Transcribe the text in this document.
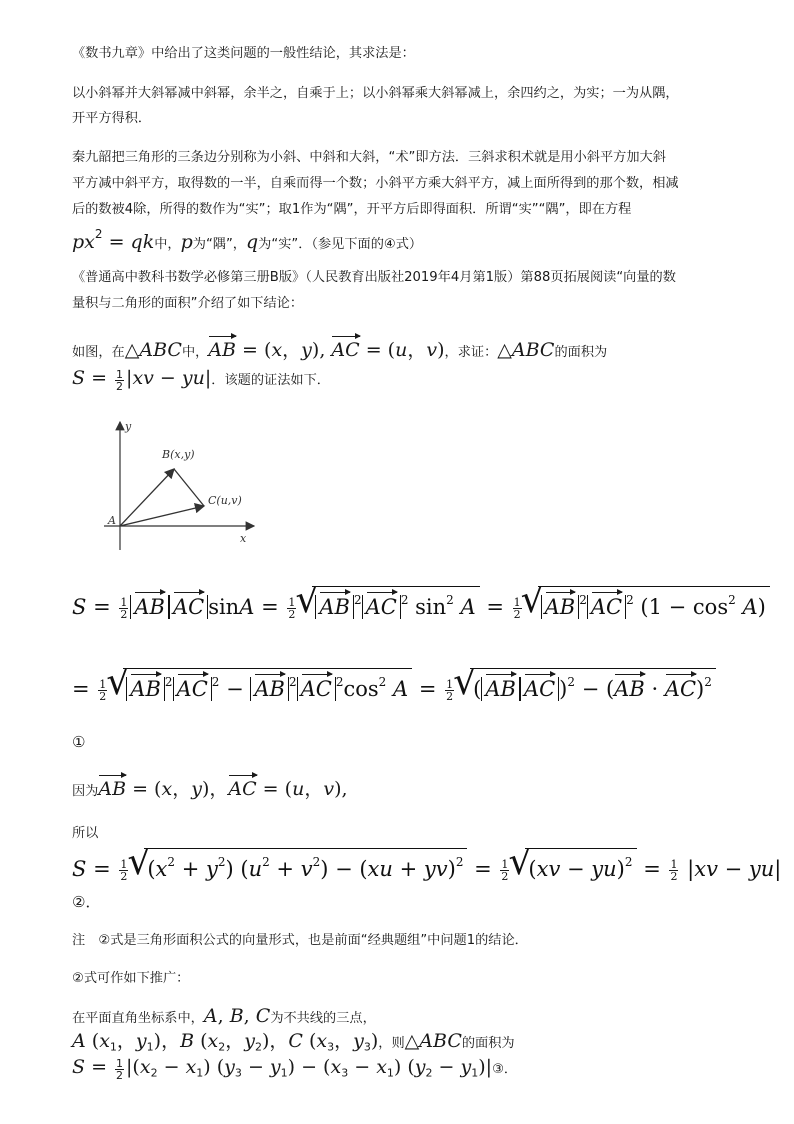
《数书九章》中给出了这类问题的一般性结论，其求法是：
以小斜幂并大斜幂减中斜幂，余半之，自乘于上；以小斜幂乘大斜幂减上，余四约之，为实；一为从隅，
开平方得积．
秦九韶把三角形的三条边分别称为小斜、中斜和大斜，“术”即方法．三斜求积术就是用小斜平方加大斜
平方减中斜平方，取得数的一半，自乘而得一个数；小斜平方乘大斜平方，减上面所得到的那个数，相减
后的数被4除，所得的数作为“实”；取1作为“隅”，开平方后即得面积．所谓“实”“隅”，即在方程
$px^2$ = qk中，p为“隅”，q为“实”．（参见下面的④式）
《普通高中教科书数学必修第三册B版》（人民教育出版社2019年4月第1版）第88页拓展阅读“向量的数
量积与二角形的面积”介绍了如下结论：
如图，在△ABC中，AB = (x，y), AC = (u，v)，求证：△ABC的面积为
$S = \frac{1}{2} |xv - yu|$．该题的证法如下．
y
x
A
B(x,y)
C(u,v)
$S = \frac{1}{2}$ AB AC $\sin A = \frac{1}{2}$ √ AB $^2$ AC $^2$ $\sin^2 A = \frac{1}{2}$ √ AB $^2$ AC $^2$ $(1 - \cos^2 A)$
= $\frac{1}{2}$ √ AB $^2$ AC $^2$ − AB $^2$ AC $^2\cos^2$ $A = \frac{1}{2}$ √ ( AB AC )$^2$ − (AB · AC)$^2$
①
因为AB = (x，y)，AC = (u，v),
所以
$S = \frac{1}{2}$ √ $(x^2 + y^2) (u^2 + v^2) - (xu + yv)^2 = \frac{1}{2}$ √ $(xv - yu)^2 = \frac{1}{2} |xv - yu|$
②．
注　②式是三角形面积公式的向量形式，也是前面“经典题组”中问题1的结论．
②式可作如下推广：
在平面直角坐标系中，A, B, C为不共线的三点，
A ($x_1$，$y_1$)，B ($x_2$，$y_2$)，C ($x_3$，$y_3$)，则△ABC的面积为
$S = \frac{1}{2} |(x_2 - x_1) (y_3 - y_1) - (x_3 - x_1) (y_2$ − $y_1)|③$．
